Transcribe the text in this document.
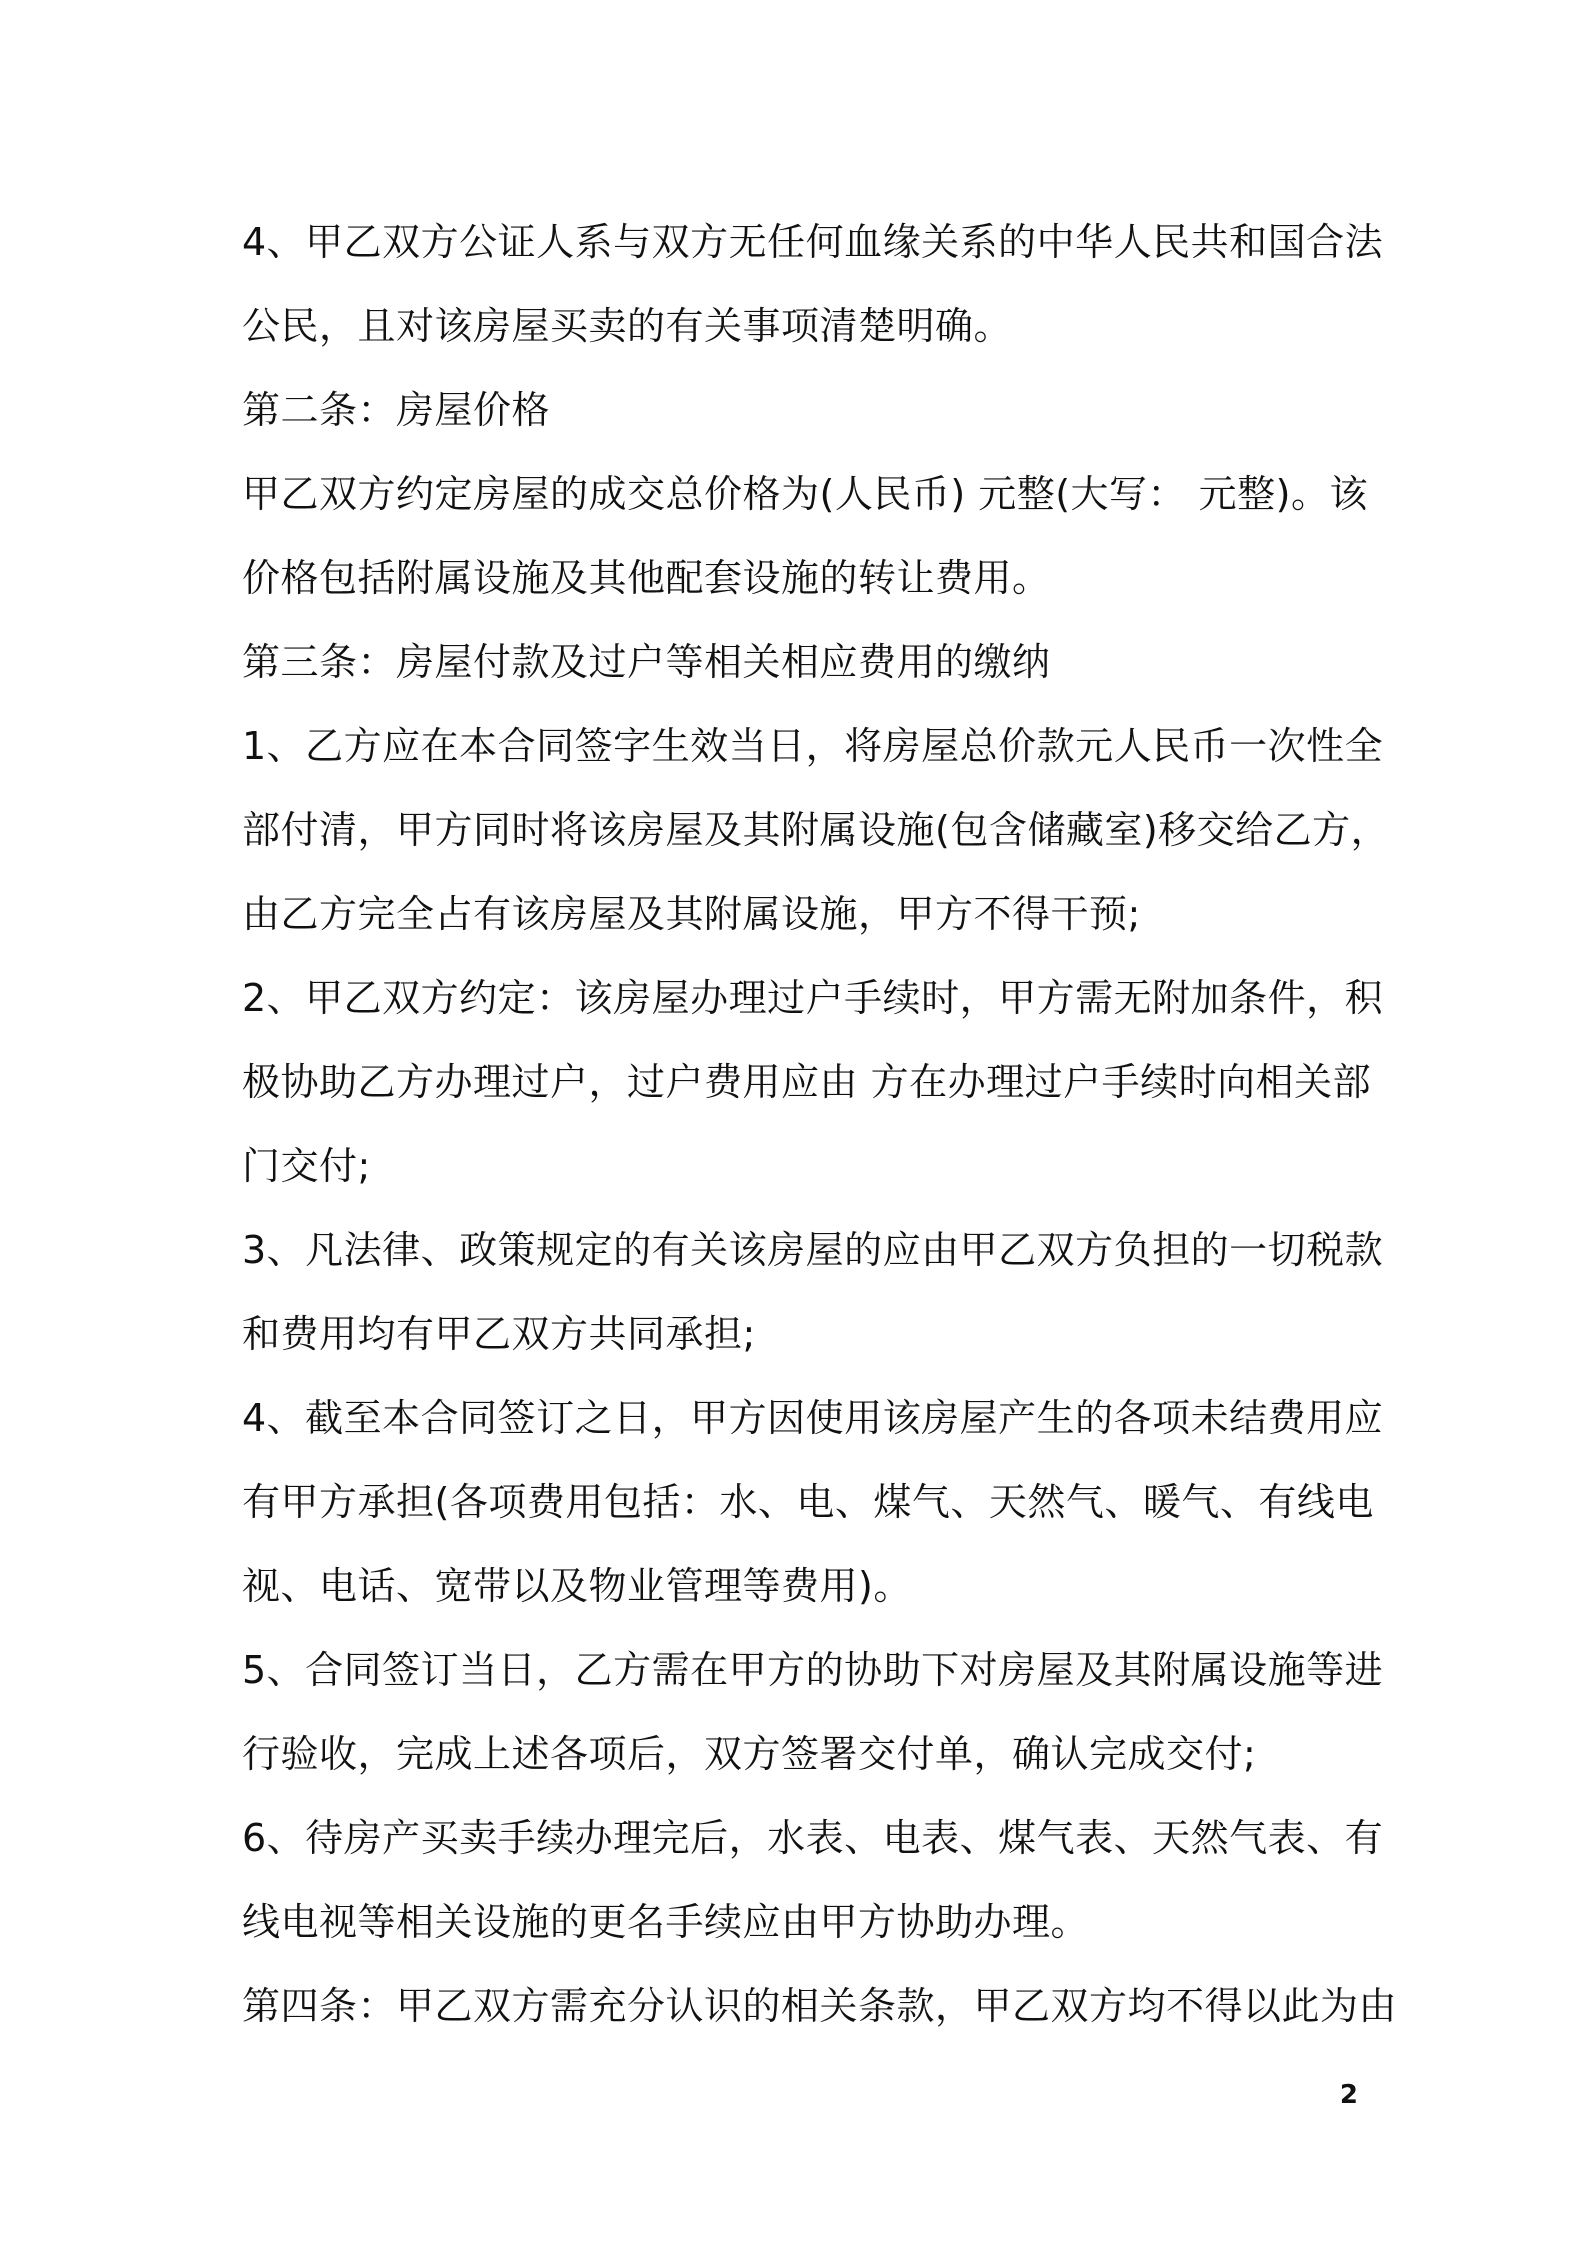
4、甲乙双方公证人系与双方无任何血缘关系的中华人民共和国合法
公民，且对该房屋买卖的有关事项清楚明确。
第二条：房屋价格
甲乙双方约定房屋的成交总价格为(人民币) 元整(大写： 元整)。该
价格包括附属设施及其他配套设施的转让费用。
第三条：房屋付款及过户等相关相应费用的缴纳
1、乙方应在本合同签字生效当日，将房屋总价款元人民币一次性全
部付清，甲方同时将该房屋及其附属设施(包含储藏室)移交给乙方，
由乙方完全占有该房屋及其附属设施，甲方不得干预;
2、甲乙双方约定：该房屋办理过户手续时，甲方需无附加条件，积
极协助乙方办理过户，过户费用应由 方在办理过户手续时向相关部
门交付;
3、凡法律、政策规定的有关该房屋的应由甲乙双方负担的一切税款
和费用均有甲乙双方共同承担;
4、截至本合同签订之日，甲方因使用该房屋产生的各项未结费用应
有甲方承担(各项费用包括：水、电、煤气、天然气、暖气、有线电
视、电话、宽带以及物业管理等费用)。
5、合同签订当日，乙方需在甲方的协助下对房屋及其附属设施等进
行验收，完成上述各项后，双方签署交付单，确认完成交付;
6、待房产买卖手续办理完后，水表、电表、煤气表、天然气表、有
线电视等相关设施的更名手续应由甲方协助办理。
第四条：甲乙双方需充分认识的相关条款，甲乙双方均不得以此为由
2
